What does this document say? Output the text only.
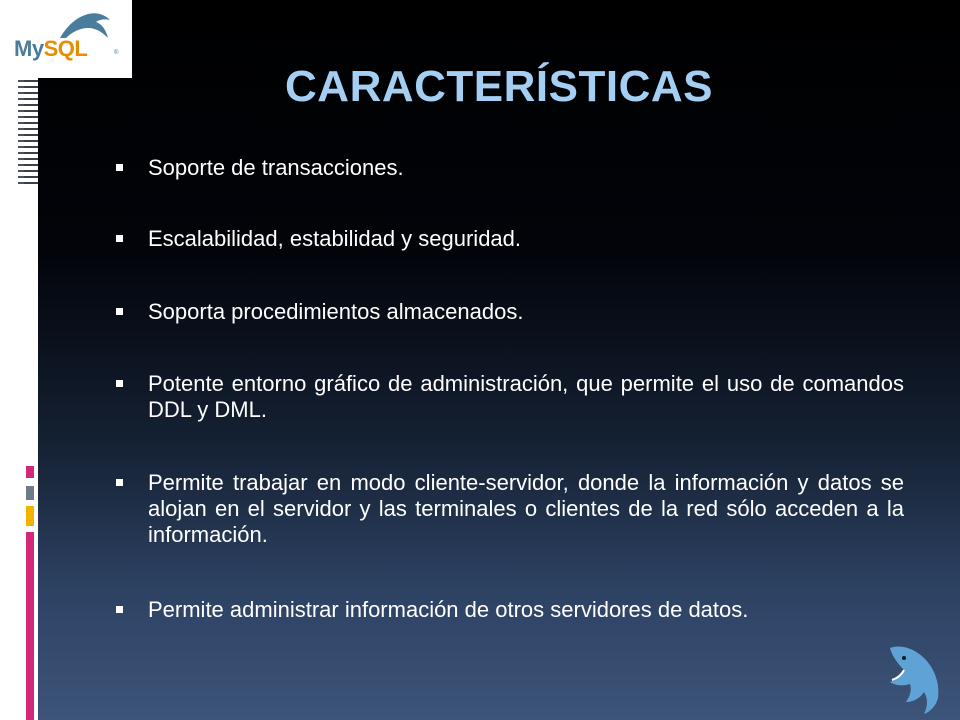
MySQL	®
CARACTERÍSTICAS
Soporte de transacciones.
Escalabilidad, estabilidad y seguridad.
Soporta procedimientos almacenados.
Potente entorno gráfico de administración, que permite el uso de comandos DDL y DML.
Permite trabajar en modo cliente-servidor, donde la información y datos se alojan en el servidor y las terminales o clientes de la red sólo acceden a la información.
Permite administrar información de otros servidores de datos.
